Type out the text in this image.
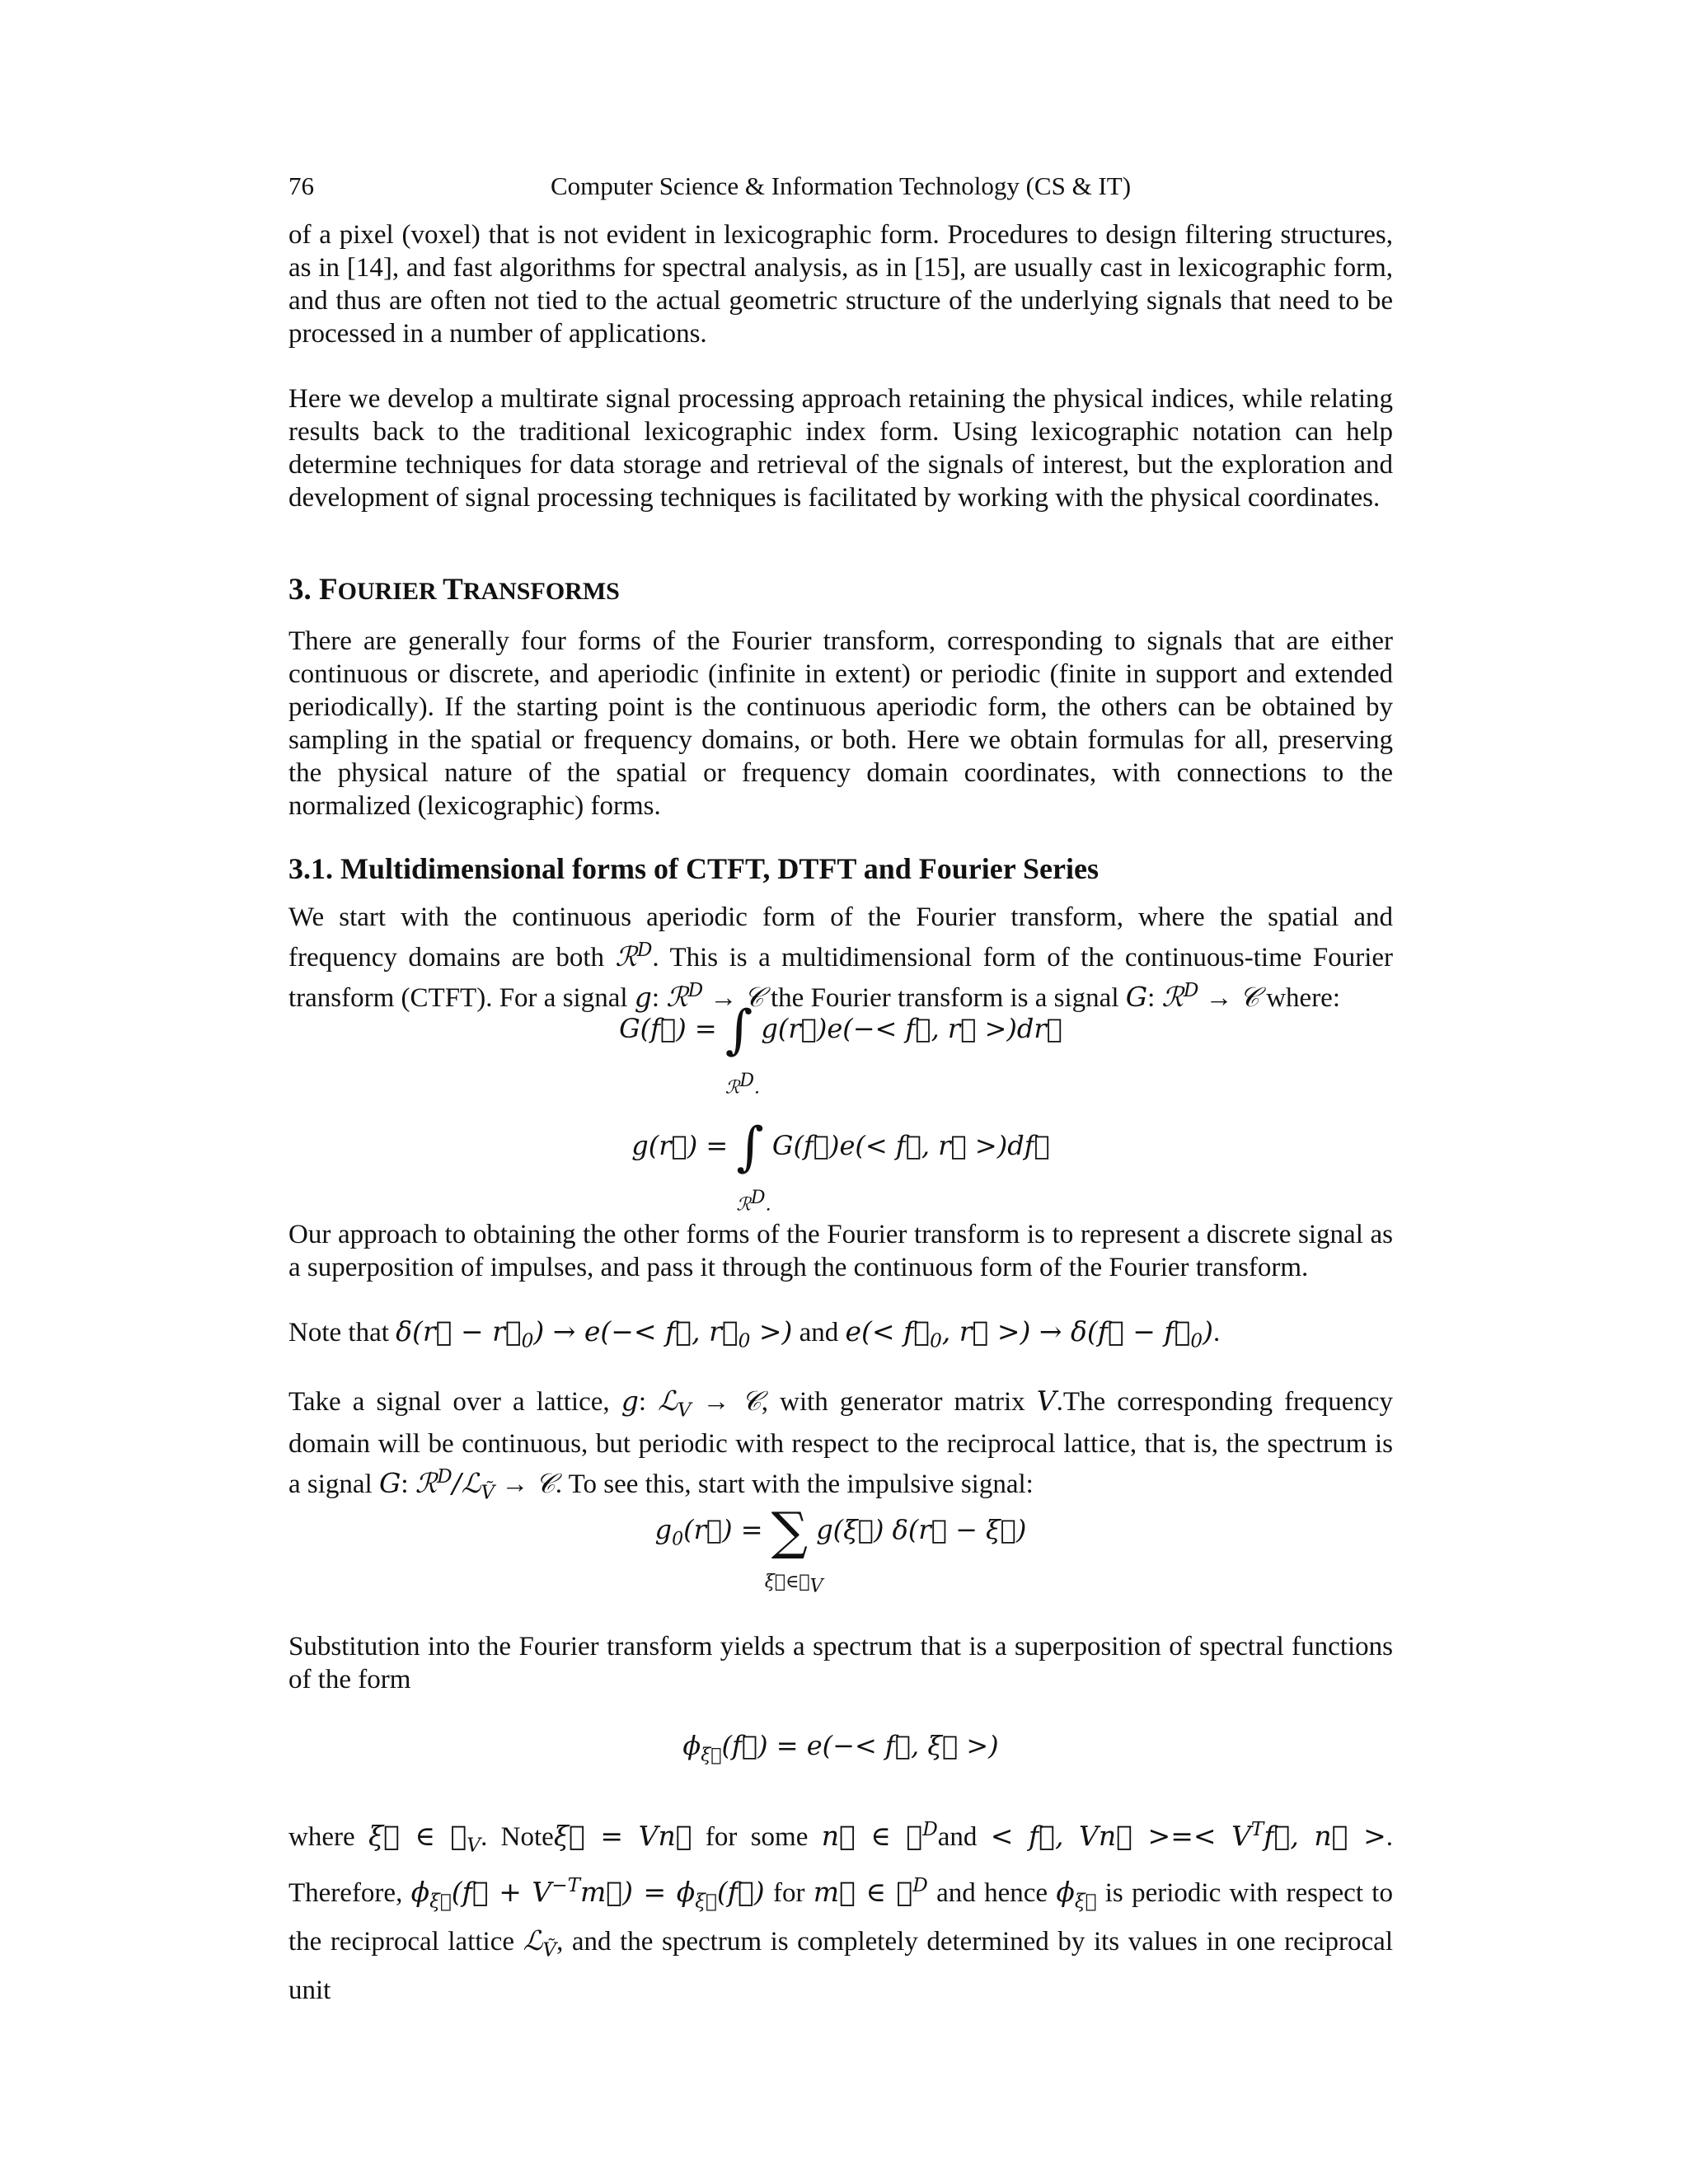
76	Computer Science & Information Technology (CS & IT)

of a pixel (voxel) that is not evident in lexicographic form. Procedures to design filtering structures, as in [14], and fast algorithms for spectral analysis, as in [15], are usually cast in lexicographic form, and thus are often not tied to the actual geometric structure of the underlying signals that need to be processed in a number of applications.

Here we develop a multirate signal processing approach retaining the physical indices, while relating results back to the traditional lexicographic index form. Using lexicographic notation can help determine techniques for data storage and retrieval of the signals of interest, but the exploration and development of signal processing techniques is facilitated by working with the physical coordinates.

3. FOURIER TRANSFORMS

There are generally four forms of the Fourier transform, corresponding to signals that are either continuous or discrete, and aperiodic (infinite in extent) or periodic (finite in support and extended periodically). If the starting point is the continuous aperiodic form, the others can be obtained by sampling in the spatial or frequency domains, or both. Here we obtain formulas for all, preserving the physical nature of the spatial or frequency domain coordinates, with connections to the normalized (lexicographic) forms.

3.1. Multidimensional forms of CTFT, DTFT and Fourier Series

We start with the continuous aperiodic form of the Fourier transform, where the spatial and frequency domains are both ℛ$^D$. This is a multidimensional form of the continuous-time Fourier transform (CTFT). For a signal g: ℛ$^D$ → 𝒞 the Fourier transform is a signal G: ℛ$^D$ → 𝒞 where:

G(f⃗) = ∫
ℛ$^D$.
g(r⃗)e(−< f⃗, r⃗ >)dr⃗
g(r⃗) = ∫
ℛ$^D$.
G(f⃗)e(< f⃗, r⃗ >)df⃗

Our approach to obtaining the other forms of the Fourier transform is to represent a discrete signal as a superposition of impulses, and pass it through the continuous form of the Fourier transform.

Note that δ(r⃗ − $r⃗_0) \to e(-<$ f⃗, $r⃗_0$ >) and $e(< f⃗_0$, r⃗ >) → δ(f⃗ − $f⃗_0$).

Take a signal over a lattice, g: ℒ$_V$ → 𝒞, with generator matrix V.The corresponding frequency domain will be continuous, but periodic with respect to the reciprocal lattice, that is, the spectrum is a signal G: ℛ$^D$/ℒ$_Ṽ$ → 𝒞. To see this, start with the impulsive signal:

$g_0(r⃗)$ = ∑
ξ⃗∈ℒ$_V$
g(ξ⃗) δ(r⃗ − ξ⃗)

Substitution into the Fourier transform yields a spectrum that is a superposition of spectral functions of the form

$\phi_{\xi⃗}(f⃗) = e(-<$ f⃗, ξ⃗ >)

where ξ⃗ ∈ ℒ$_V$. Noteξ⃗ = Vn⃗ for some n⃗ ∈ 𝒵$^D$and < f⃗, Vn⃗ >=< $V^Tf⃗$, n⃗ >. Therefore, $\phi_{\xi⃗}(f⃗$ + $V^{-T}m⃗$) = $\phi_{\xi⃗}(f⃗)$ for m⃗ ∈ 𝒵$^D$ and hence $\phi_{\xi⃗}$ is periodic with respect to the reciprocal lattice ℒ$_Ṽ$, and the spectrum is completely determined by its values in one reciprocal unit
